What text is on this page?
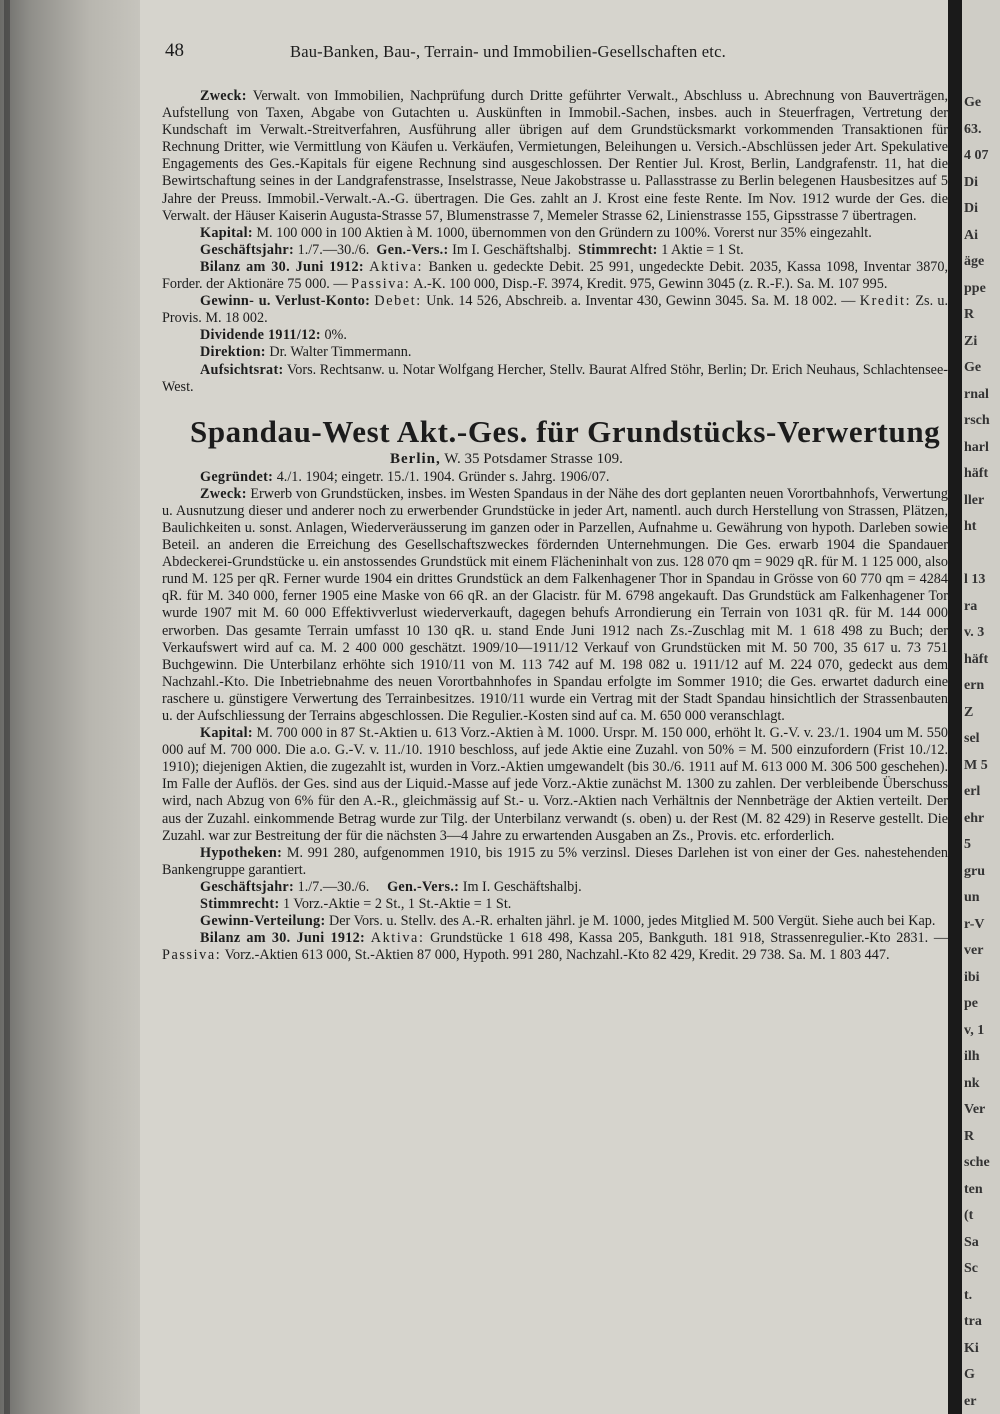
Ge
63.
4 07
Di
Di
Ai
äge
ppe
R
Zi
Ge
rnal
rsch
harl
häft
ller
ht
l 13
ra
v. 3
häft
ern
Z
sel
M 5
erl
ehr
5
gru
un
r-V
ver
ibi
pe
v, 1
ilh
nk
Ver
R
sche
ten
(t
Sa
Sc
t.
tra
Ki
G
er
48	Bau-Banken, Bau-, Terrain- und Immobilien-Gesellschaften etc.

Zweck: Verwalt. von Immobilien, Nachprüfung durch Dritte geführter Verwalt., Abschluss u. Abrechnung von Bauverträgen, Aufstellung von Taxen, Abgabe von Gutachten u. Auskünften in Immobil.-Sachen, insbes. auch in Steuerfragen, Vertretung der Kundschaft im Verwalt.-Streitverfahren, Ausführung aller übrigen auf dem Grundstücksmarkt vorkommenden Transaktionen für Rechnung Dritter, wie Vermittlung von Käufen u. Verkäufen, Vermietungen, Beleihungen u. Versich.-Abschlüssen jeder Art. Spekulative Engagements des Ges.-Kapitals für eigene Rechnung sind ausgeschlossen. Der Rentier Jul. Krost, Berlin, Landgrafenstr. 11, hat die Bewirtschaftung seines in der Landgrafenstrasse, Inselstrasse, Neue Jakobstrasse u. Pallasstrasse zu Berlin belegenen Hausbesitzes auf 5 Jahre der Preuss. Immobil.-Verwalt.-A.-G. übertragen. Die Ges. zahlt an J. Krost eine feste Rente. Im Nov. 1912 wurde der Ges. die Verwalt. der Häuser Kaiserin Augusta-Strasse 57, Blumenstrasse 7, Memeler Strasse 62, Linienstrasse 155, Gipsstrasse 7 übertragen.

Kapital: M. 100 000 in 100 Aktien à M. 1000, übernommen von den Gründern zu 100%. Vorerst nur 35% eingezahlt.

Geschäftsjahr: 1./7.—30./6. Gen.-Vers.: Im I. Geschäftshalbj. Stimmrecht: 1 Aktie = 1 St.

Bilanz am 30. Juni 1912: Aktiva: Banken u. gedeckte Debit. 25 991, ungedeckte Debit. 2035, Kassa 1098, Inventar 3870, Forder. der Aktionäre 75 000. — Passiva: A.-K. 100 000, Disp.-F. 3974, Kredit. 975, Gewinn 3045 (z. R.-F.). Sa. M. 107 995.

Gewinn- u. Verlust-Konto: Debet: Unk. 14 526, Abschreib. a. Inventar 430, Gewinn 3045. Sa. M. 18 002. — Kredit: Zs. u. Provis. M. 18 002.

Dividende 1911/12: 0%.

Direktion: Dr. Walter Timmermann.

Aufsichtsrat: Vors. Rechtsanw. u. Notar Wolfgang Hercher, Stellv. Baurat Alfred Stöhr, Berlin; Dr. Erich Neuhaus, Schlachtensee-West.

Spandau-West Akt.-Ges. für Grundstücks-Verwertung
Berlin, W. 35 Potsdamer Strasse 109.

Gegründet: 4./1. 1904; eingetr. 15./1. 1904. Gründer s. Jahrg. 1906/07.

Zweck: Erwerb von Grundstücken, insbes. im Westen Spandaus in der Nähe des dort geplanten neuen Vorortbahnhofs, Verwertung u. Ausnutzung dieser und anderer noch zu erwerbender Grundstücke in jeder Art, namentl. auch durch Herstellung von Strassen, Plätzen, Baulichkeiten u. sonst. Anlagen, Wiederveräusserung im ganzen oder in Parzellen, Aufnahme u. Gewährung von hypoth. Darleben sowie Beteil. an anderen die Erreichung des Gesellschaftszweckes fördernden Unternehmungen. Die Ges. erwarb 1904 die Spandauer Abdeckerei-Grundstücke u. ein anstossendes Grundstück mit einem Flächeninhalt von zus. 128 070 qm = 9029 qR. für M. 1 125 000, also rund M. 125 per qR. Ferner wurde 1904 ein drittes Grundstück an dem Falkenhagener Thor in Spandau in Grösse von 60 770 qm = 4284 qR. für M. 340 000, ferner 1905 eine Maske von 66 qR. an der Glacistr. für M. 6798 angekauft. Das Grundstück am Falkenhagener Tor wurde 1907 mit M. 60 000 Effektivverlust wiederverkauft, dagegen behufs Arrondierung ein Terrain von 1031 qR. für M. 144 000 erworben. Das gesamte Terrain umfasst 10 130 qR. u. stand Ende Juni 1912 nach Zs.-Zuschlag mit M. 1 618 498 zu Buch; der Verkaufswert wird auf ca. M. 2 400 000 geschätzt. 1909/10—1911/12 Verkauf von Grundstücken mit M. 50 700, 35 617 u. 73 751 Buchgewinn. Die Unterbilanz erhöhte sich 1910/11 von M. 113 742 auf M. 198 082 u. 1911/12 auf M. 224 070, gedeckt aus dem Nachzahl.-Kto. Die Inbetriebnahme des neuen Vorortbahnhofes in Spandau erfolgte im Sommer 1910; die Ges. erwartet dadurch eine raschere u. günstigere Verwertung des Terrainbesitzes. 1910/11 wurde ein Vertrag mit der Stadt Spandau hinsichtlich der Strassenbauten u. der Aufschliessung der Terrains abgeschlossen. Die Regulier.-Kosten sind auf ca. M. 650 000 veranschlagt.

Kapital: M. 700 000 in 87 St.-Aktien u. 613 Vorz.-Aktien à M. 1000. Urspr. M. 150 000, erhöht lt. G.-V. v. 23./1. 1904 um M. 550 000 auf M. 700 000. Die a.o. G.-V. v. 11./10. 1910 beschloss, auf jede Aktie eine Zuzahl. von 50% = M. 500 einzufordern (Frist 10./12. 1910); diejenigen Aktien, die zugezahlt ist, wurden in Vorz.-Aktien umgewandelt (bis 30./6. 1911 auf M. 613 000 M. 306 500 geschehen). Im Falle der Auflös. der Ges. sind aus der Liquid.-Masse auf jede Vorz.-Aktie zunächst M. 1300 zu zahlen. Der verbleibende Überschuss wird, nach Abzug von 6% für den A.-R., gleichmässig auf St.- u. Vorz.-Aktien nach Verhältnis der Nennbeträge der Aktien verteilt. Der aus der Zuzahl. einkommende Betrag wurde zur Tilg. der Unterbilanz verwandt (s. oben) u. der Rest (M. 82 429) in Reserve gestellt. Die Zuzahl. war zur Bestreitung der für die nächsten 3—4 Jahre zu erwartenden Ausgaben an Zs., Provis. etc. erforderlich.

Hypotheken: M. 991 280, aufgenommen 1910, bis 1915 zu 5% verzinsl. Dieses Darlehen ist von einer der Ges. nahestehenden Bankengruppe garantiert.

Geschäftsjahr: 1./7.—30./6. Gen.-Vers.: Im I. Geschäftshalbj.

Stimmrecht: 1 Vorz.-Aktie = 2 St., 1 St.-Aktie = 1 St.

Gewinn-Verteilung: Der Vors. u. Stellv. des A.-R. erhalten jährl. je M. 1000, jedes Mitglied M. 500 Vergüt. Siehe auch bei Kap.

Bilanz am 30. Juni 1912: Aktiva: Grundstücke 1 618 498, Kassa 205, Bankguth. 181 918, Strassenregulier.-Kto 2831. — Passiva: Vorz.-Aktien 613 000, St.-Aktien 87 000, Hypoth. 991 280, Nachzahl.-Kto 82 429, Kredit. 29 738. Sa. M. 1 803 447.
